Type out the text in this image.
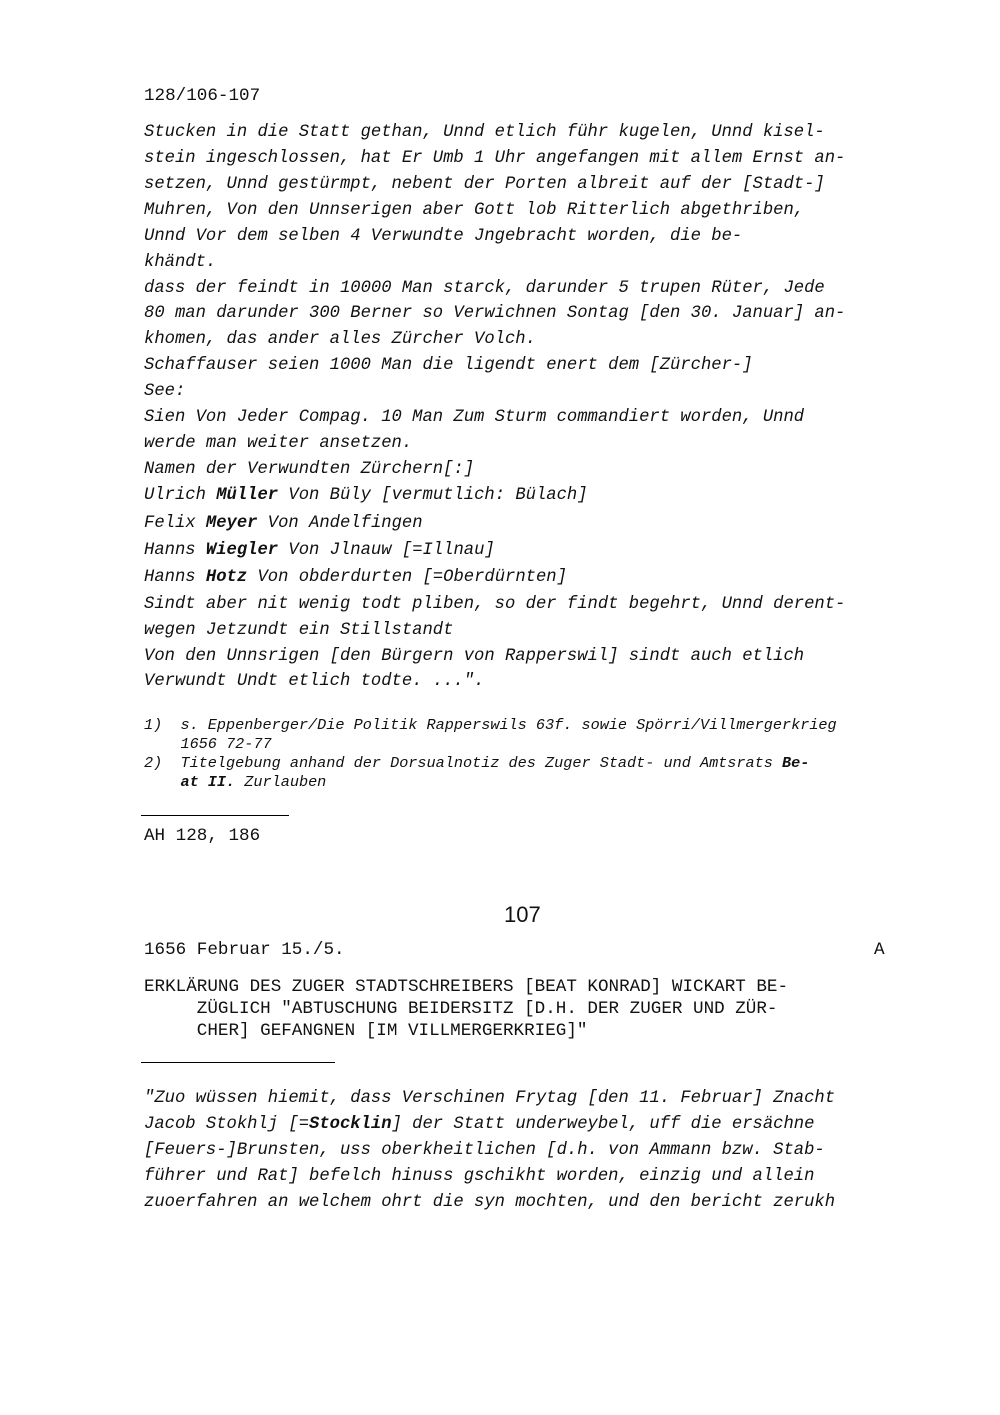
128/106-107
Stucken in die Statt gethan, Unnd etlich führ kugelen, Unnd kisel-
stein ingeschlossen, hat Er Umb 1 Uhr angefangen mit allem Ernst an-
setzen, Unnd gestürmpt, nebent der Porten albreit auf der [Stadt-]
Muhren, Von den Unnserigen aber Gott lob Ritterlich abgethriben,
Unnd Vor dem selben 4 Verwundte Jngebracht worden, die be-
khändt.
dass der feindt in 10000 Man starck, darunder 5 trupen Rüter, Jede
80 man darunder 300 Berner so Verwichnen Sontag [den 30. Januar] an-
khomen, das ander alles Zürcher Volch.
Schaffauser seien 1000 Man die ligendt enert dem [Zürcher-]
See:
Sien Von Jeder Compag. 10 Man Zum Sturm commandiert worden, Unnd
werde man weiter ansetzen.
Namen der Verwundten Zürchern[:]
Ulrich Müller Von Büly [vermutlich: Bülach]
Felix Meyer Von Andelfingen
Hanns Wiegler Von Jlnauw [=Illnau]
Hanns Hotz Von obderdurten [=Oberdürnten]
Sindt aber nit wenig todt pliben, so der findt begehrt, Unnd derent-
wegen Jetzundt ein Stillstandt
Von den Unnsrigen [den Bürgern von Rapperswil] sindt auch etlich
Verwundt Undt etlich todte. ...".
1)  s. Eppenberger/Die Politik Rapperswils 63f. sowie Spörri/Villmergerkrieg
1656 72-77
2)  Titelgebung anhand der Dorsualnotiz des Zuger Stadt- und Amtsrats Be-
at II. Zurlauben
AH 128, 186
107
1656 Februar 15./5.	A
ERKLÄRUNG DES ZUGER STADTSCHREIBERS [BEAT KONRAD] WICKART BE-
ZÜGLICH "ABTUSCHUNG BEIDERSITZ [D.H. DER ZUGER UND ZÜR-
CHER] GEFANGNEN [IM VILLMERGERKRIEG]"
"Zuo wüssen hiemit, dass Verschinen Frytag [den 11. Februar] Znacht
Jacob Stokhlj [=Stocklin] der Statt underweybel, uff die ersächne
[Feuers-]Brunsten, uss oberkheitlichen [d.h. von Ammann bzw. Stab-
führer und Rat] befelch hinuss gschikht worden, einzig und allein
zuoerfahren an welchem ohrt die syn mochten, und den bericht zerukh
